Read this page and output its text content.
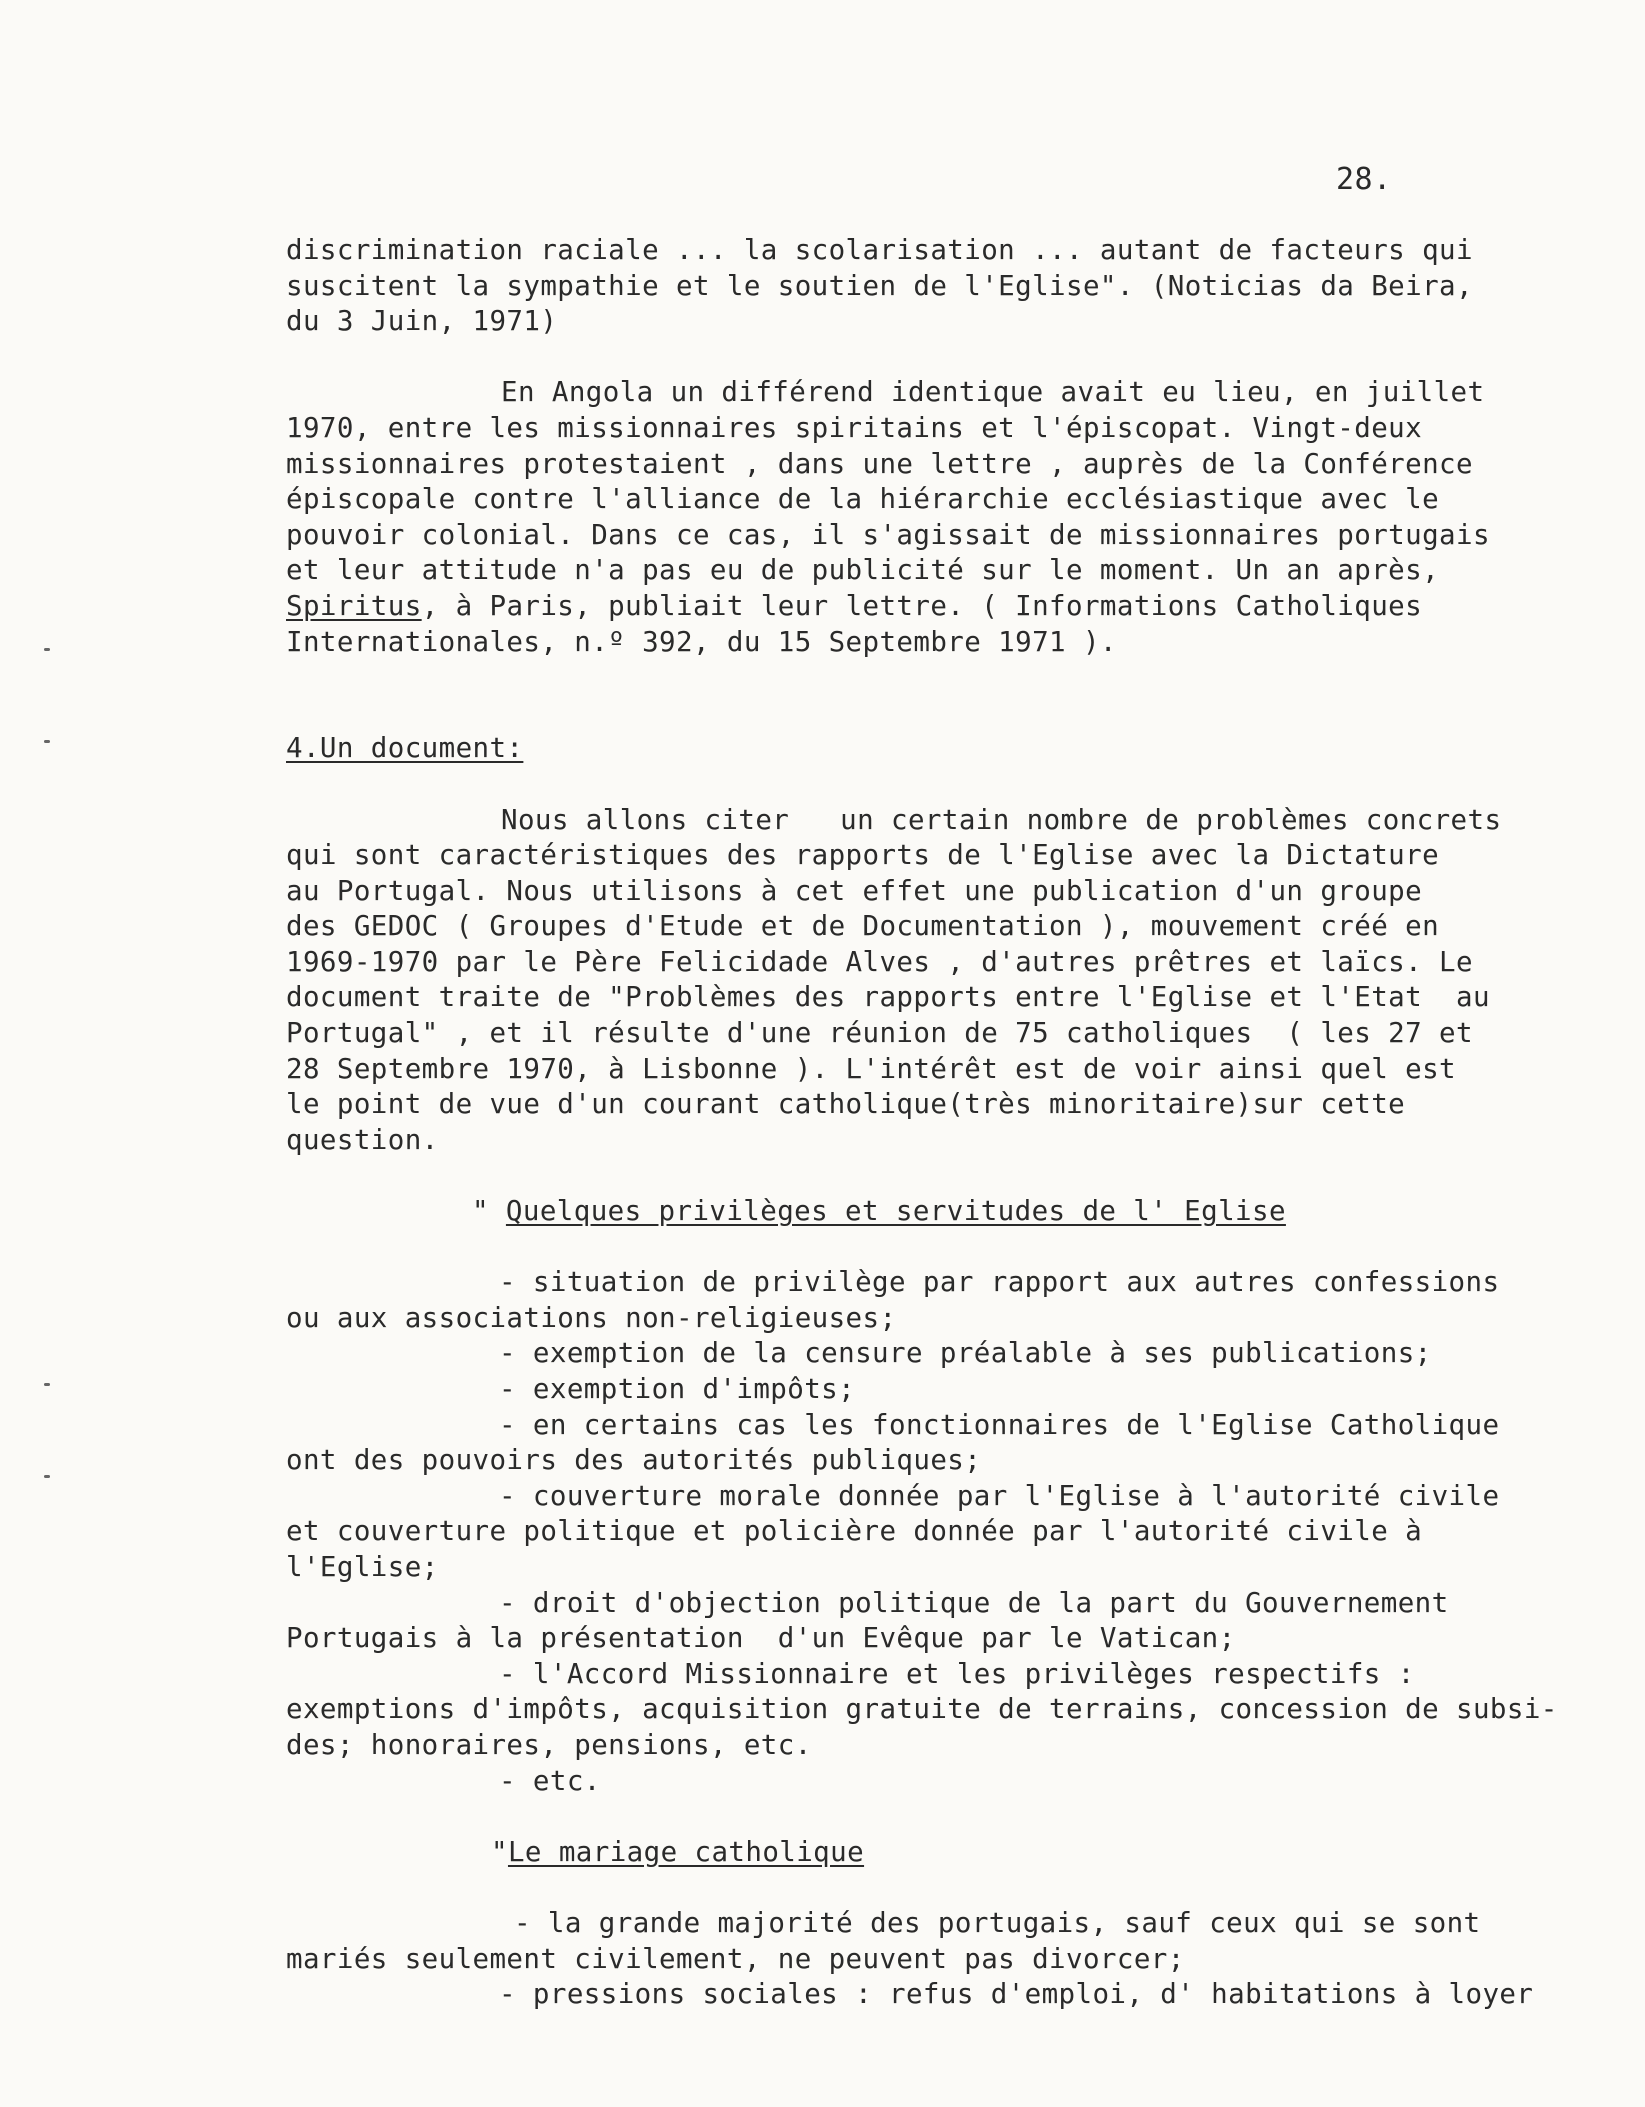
28.
discrimination raciale ... la scolarisation ... autant de facteurs qui
suscitent la sympathie et le soutien de l'Eglise". (Noticias da Beira,
du 3 Juin, 1971)
En Angola un différend identique avait eu lieu, en juillet
1970, entre les missionnaires spiritains et l'épiscopat. Vingt-deux
missionnaires protestaient , dans une lettre , auprès de la Conférence
épiscopale contre l'alliance de la hiérarchie ecclésiastique avec le
pouvoir colonial. Dans ce cas, il s'agissait de missionnaires portugais
et leur attitude n'a pas eu de publicité sur le moment. Un an après,
Spiritus, à Paris, publiait leur lettre. ( Informations Catholiques
Internationales, n.º 392, du 15 Septembre 1971 ).
4.Un document:
Nous allons citer   un certain nombre de problèmes concrets
qui sont caractéristiques des rapports de l'Eglise avec la Dictature
au Portugal. Nous utilisons à cet effet une publication d'un groupe
des GEDOC ( Groupes d'Etude et de Documentation ), mouvement créé en
1969-1970 par le Père Felicidade Alves , d'autres prêtres et laïcs. Le
document traite de "Problèmes des rapports entre l'Eglise et l'Etat  au
Portugal" , et il résulte d'une réunion de 75 catholiques  ( les 27 et
28 Septembre 1970, à Lisbonne ). L'intérêt est de voir ainsi quel est
le point de vue d'un courant catholique(très minoritaire)sur cette
question.
" Quelques privilèges et servitudes de l' Eglise
- situation de privilège par rapport aux autres confessions
ou aux associations non-religieuses;
- exemption de la censure préalable à ses publications;
- exemption d'impôts;
- en certains cas les fonctionnaires de l'Eglise Catholique
ont des pouvoirs des autorités publiques;
- couverture morale donnée par l'Eglise à l'autorité civile
et couverture politique et policière donnée par l'autorité civile à
l'Eglise;
- droit d'objection politique de la part du Gouvernement
Portugais à la présentation  d'un Evêque par le Vatican;
- l'Accord Missionnaire et les privilèges respectifs :
exemptions d'impôts, acquisition gratuite de terrains, concession de subsi-
des; honoraires, pensions, etc.
- etc.
"Le mariage catholique
- la grande majorité des portugais, sauf ceux qui se sont
mariés seulement civilement, ne peuvent pas divorcer;
- pressions sociales : refus d'emploi, d' habitations à loyer
